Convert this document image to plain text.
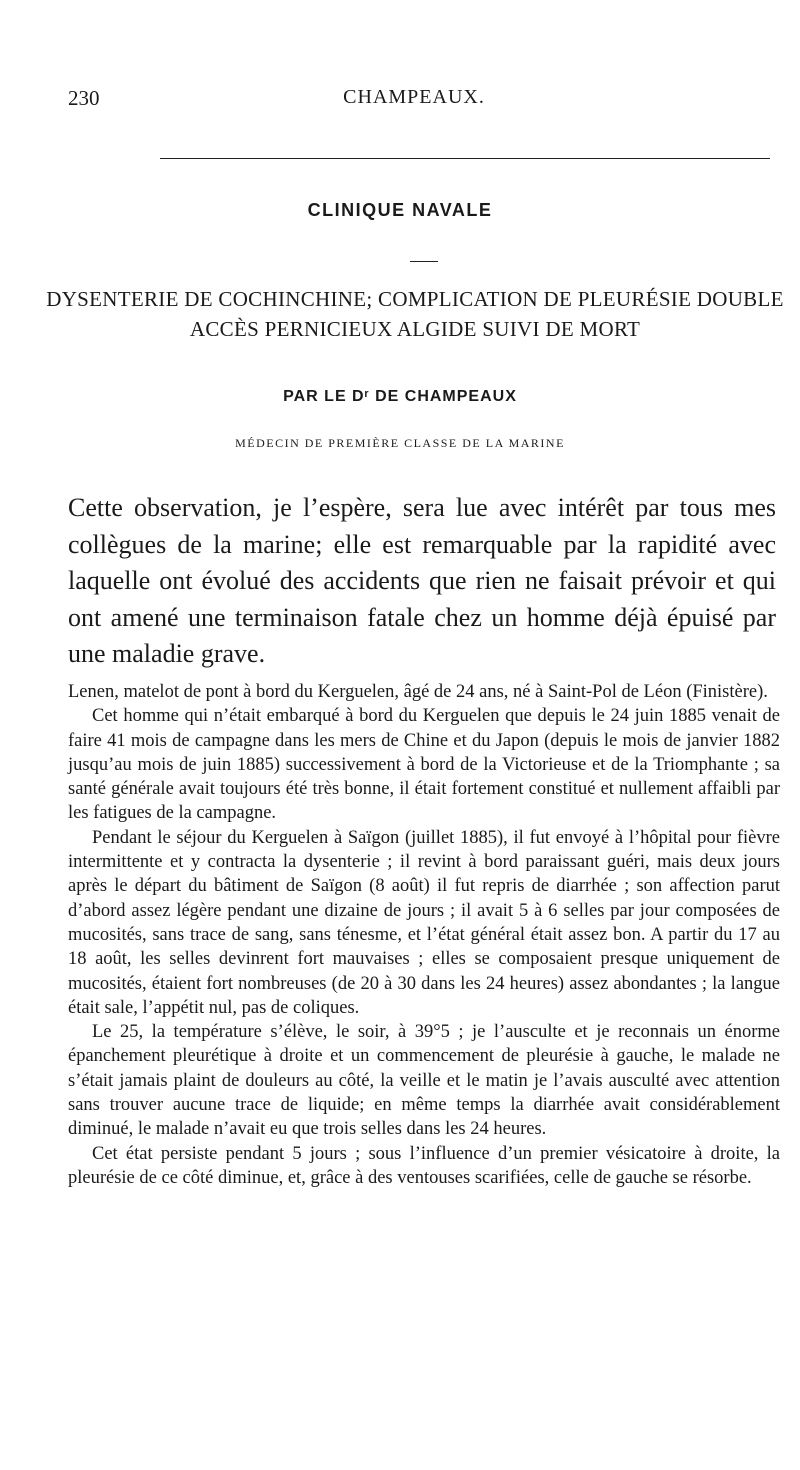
230	CHAMPEAUX.
CLINIQUE NAVALE
DYSENTERIE DE COCHINCHINE; COMPLICATION DE PLEURÉSIE DOUBLE
ACCÈS PERNICIEUX ALGIDE SUIVI DE MORT
PAR LE Dʳ DE CHAMPEAUX
MÉDECIN DE PREMIÈRE CLASSE DE LA MARINE
Cette observation, je l’espère, sera lue avec intérêt par tous mes collègues de la marine; elle est remarquable par la rapidité avec laquelle ont évolué des accidents que rien ne faisait prévoir et qui ont amené une terminaison fatale chez un homme déjà épuisé par une maladie grave.

Lenen, matelot de pont à bord du Kerguelen, âgé de 24 ans, né à Saint-Pol de Léon (Finistère).

Cet homme qui n’était embarqué à bord du Kerguelen que depuis le 24 juin 1885 venait de faire 41 mois de campagne dans les mers de Chine et du Japon (depuis le mois de janvier 1882 jusqu’au mois de juin 1885) successivement à bord de la Victorieuse et de la Triomphante ; sa santé générale avait toujours été très bonne, il était fortement constitué et nullement affaibli par les fatigues de la campagne.

Pendant le séjour du Kerguelen à Saïgon (juillet 1885), il fut envoyé à l’hôpital pour fièvre intermittente et y contracta la dysenterie ; il revint à bord paraissant guéri, mais deux jours après le départ du bâtiment de Saïgon (8 août) il fut repris de diarrhée ; son affection parut d’abord assez légère pendant une dizaine de jours ; il avait 5 à 6 selles par jour composées de mucosités, sans trace de sang, sans ténesme, et l’état général était assez bon. A partir du 17 au 18 août, les selles devinrent fort mauvaises ; elles se composaient presque uniquement de mucosités, étaient fort nombreuses (de 20 à 30 dans les 24 heures) assez abondantes ; la langue était sale, l’appétit nul, pas de coliques.

Le 25, la température s’élève, le soir, à 39°5 ; je l’ausculte et je reconnais un énorme épanchement pleurétique à droite et un commencement de pleurésie à gauche, le malade ne s’était jamais plaint de douleurs au côté, la veille et le matin je l’avais ausculté avec attention sans trouver aucune trace de liquide; en même temps la diarrhée avait considérablement diminué, le malade n’avait eu que trois selles dans les 24 heures.

Cet état persiste pendant 5 jours ; sous l’influence d’un premier vésicatoire à droite, la pleurésie de ce côté diminue, et, grâce à des ventouses scarifiées, celle de gauche se résorbe.
